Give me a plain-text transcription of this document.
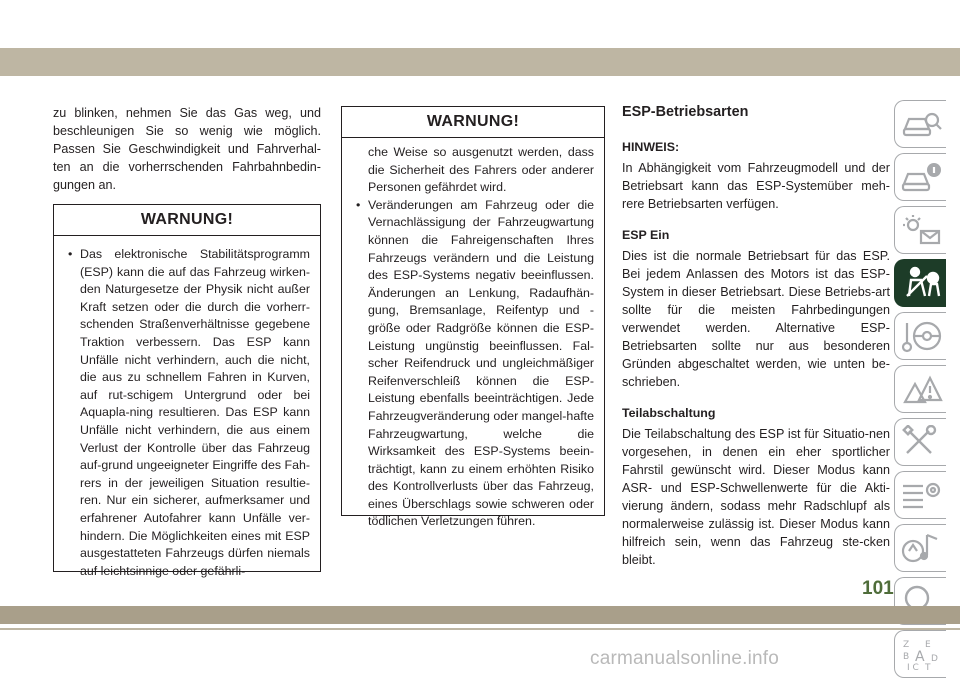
zu blinken, nehmen Sie das Gas weg, und beschleunigen Sie so wenig wie möglich. Passen Sie Geschwindigkeit und Fahrverhal-ten an die vorherrschenden Fahrbahnbedin-gungen an.

WARNUNG!

• Das elektronische Stabilitätsprogramm (ESP) kann die auf das Fahrzeug wirken-den Naturgesetze der Physik nicht außer Kraft setzen oder die durch die vorherr-schenden Straßenverhältnisse gegebene Traktion verbessern. Das ESP kann Unfälle nicht verhindern, auch die nicht, die aus zu schnellem Fahren in Kurven, auf rut-schigem Untergrund oder bei Aquapla-ning resultieren. Das ESP kann Unfälle nicht verhindern, die aus einem Verlust der Kontrolle über das Fahrzeug auf-grund ungeeigneter Eingriffe des Fah-rers in der jeweiligen Situation resultie-ren. Nur ein sicherer, aufmerksamer und erfahrener Autofahrer kann Unfälle ver-hindern. Die Möglichkeiten eines mit ESP ausgestatteten Fahrzeugs dürfen niemals auf leichtsinnige oder gefährli-

WARNUNG!

che Weise so ausgenutzt werden, dass die Sicherheit des Fahrers oder anderer Personen gefährdet wird.

• Veränderungen am Fahrzeug oder die Vernachlässigung der Fahrzeugwartung können die Fahreigenschaften Ihres Fahrzeugs verändern und die Leistung des ESP-Systems negativ beeinflussen. Änderungen an Lenkung, Radaufhän-gung, Bremsanlage, Reifentyp und -größe oder Radgröße können die ESP-Leistung ungünstig beeinflussen. Fal-scher Reifendruck und ungleichmäßiger Reifenverschleiß können die ESP-Leistung ebenfalls beeinträchtigen. Jede Fahrzeugveränderung oder mangel-hafte Fahrzeugwartung, welche die Wirksamkeit des ESP-Systems beein-trächtigt, kann zu einem erhöhten Risiko des Kontrollverlusts über das Fahrzeug, eines Überschlags sowie schweren oder tödlichen Verletzungen führen.

ESP-Betriebsarten
HINWEIS:

In Abhängigkeit vom Fahrzeugmodell und der Betriebsart kann das ESP-Systemüber meh-rere Betriebsarten verfügen.

ESP Ein

Dies ist die normale Betriebsart für das ESP. Bei jedem Anlassen des Motors ist das ESP-System in dieser Betriebsart. Diese Betriebs-art sollte für die meisten Fahrbedingungen verwendet werden. Alternative ESP-Betriebsarten sollte nur aus besonderen Gründen abgeschaltet werden, wie unten be-schrieben.

Teilabschaltung

Die Teilabschaltung des ESP ist für Situatio-nen vorgesehen, in denen ein eher sportlicher Fahrstil gewünscht wird. Dieser Modus kann ASR- und ESP-Schwellenwerte für die Akti-vierung ändern, sodass mehr Radschlupf als normalerweise zulässig ist. Dieser Modus kann hilfreich sein, wenn das Fahrzeug ste-cken bleibt.

Z E
B A D
I C T
101
carmanualsonline.info
